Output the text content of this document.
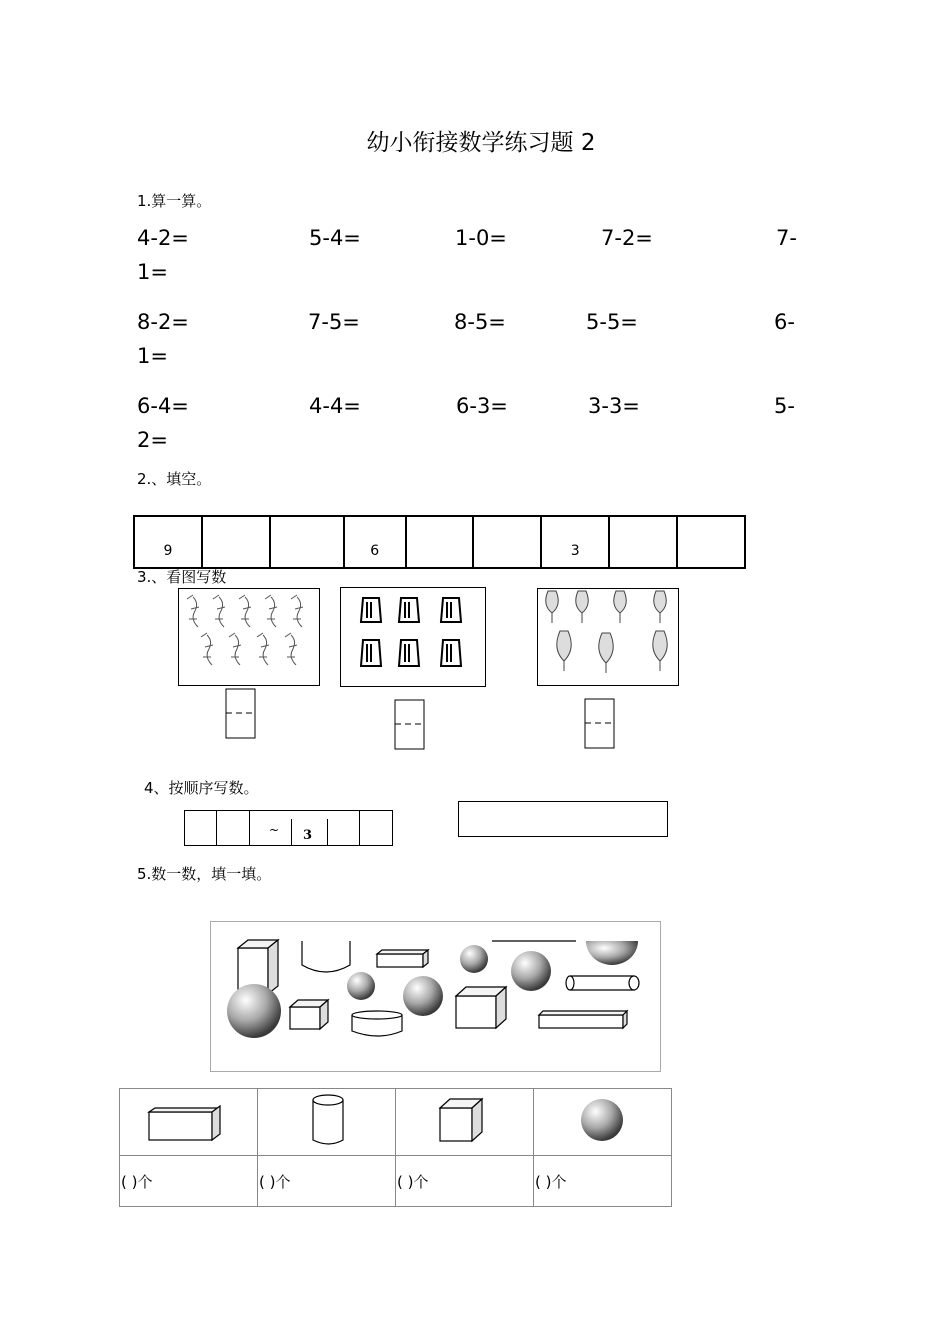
幼小衔接数学练习题 2
1.算一算。
4-2=	5-4=	1-0=	7-2=	7-
1=
8-2=	7-5=	8-5=	5-5=	6-
1=
6-4=	4-4=	6-3=	3-3=	5-
2=
2.、填空。
9			6			3		
3.、看图写数
4、按顺序写数。
~ 3
5.数一数，填一填。

( )个	( )个	( )个	( )个
